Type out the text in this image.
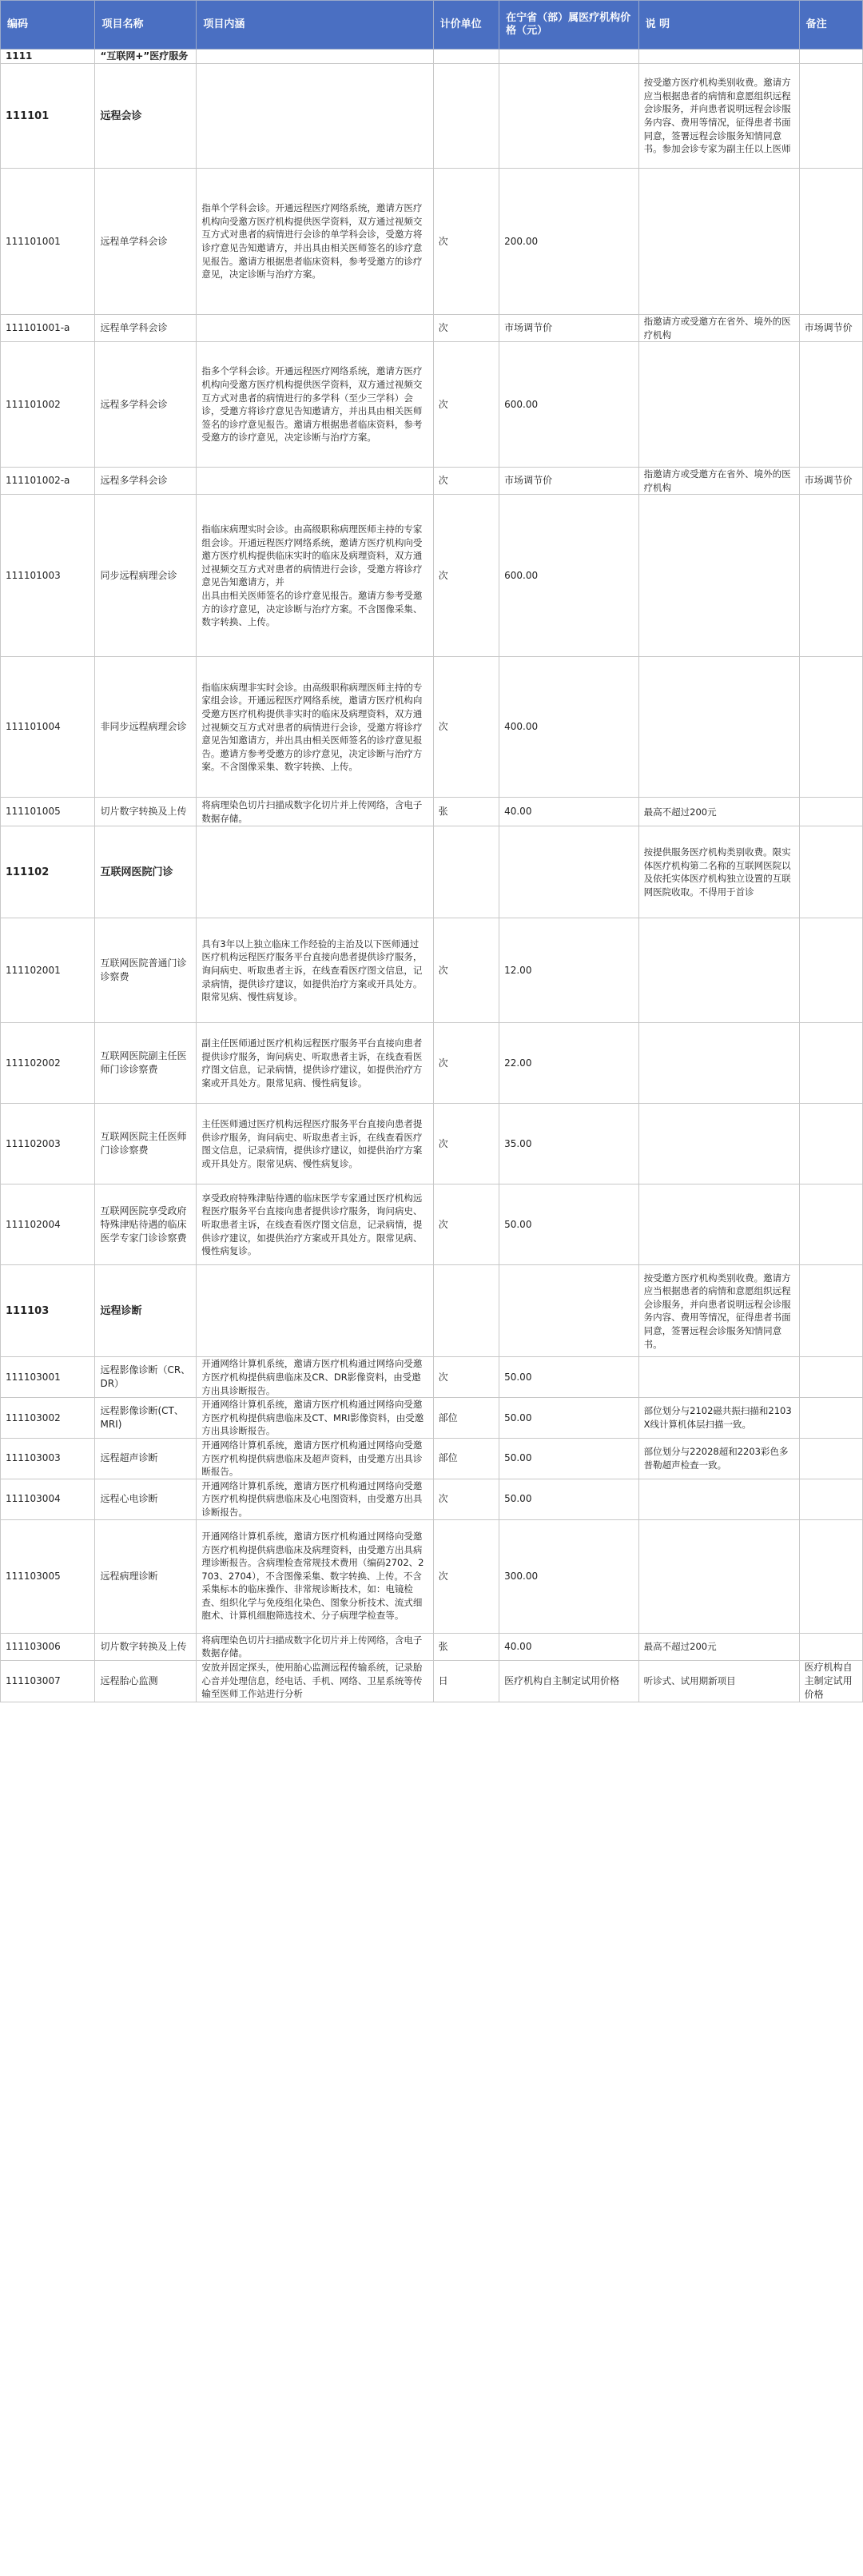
编码	项目名称	项目内涵	计价单位	在宁省（部）属医疗机构价格（元）	说 明	备注
1111	“互联网+”医疗服务					
111101	远程会诊				按受邀方医疗机构类别收费。邀请方应当根据患者的病情和意愿组织远程会诊服务，并向患者说明远程会诊服务内容、费用等情况，征得患者书面同意，签署远程会诊服务知情同意书。参加会诊专家为副主任以上医师	
111101001	远程单学科会诊	指单个学科会诊。开通远程医疗网络系统，邀请方医疗机构向受邀方医疗机构提供医学资料，双方通过视频交互方式对患者的病情进行会诊的单学科会诊，受邀方将诊疗意见告知邀请方，并出具由相关医师签名的诊疗意见报告。邀请方根据患者临床资料，参考受邀方的诊疗意见，决定诊断与治疗方案。	次	200.00		
111101001-a	远程单学科会诊		次	市场调节价	指邀请方或受邀方在省外、境外的医疗机构	市场调节价
111101002	远程多学科会诊	指多个学科会诊。开通远程医疗网络系统，邀请方医疗机构向受邀方医疗机构提供医学资料，双方通过视频交互方式对患者的病情进行的多学科（至少三学科）会诊，受邀方将诊疗意见告知邀请方，并出具由相关医师签名的诊疗意见报告。邀请方根据患者临床资料，参考受邀方的诊疗意见，决定诊断与治疗方案。	次	600.00		
111101002-a	远程多学科会诊		次	市场调节价	指邀请方或受邀方在省外、境外的医疗机构	市场调节价
111101003	同步远程病理会诊	指临床病理实时会诊。由高级职称病理医师主持的专家组会诊。开通远程医疗网络系统，邀请方医疗机构向受邀方医疗机构提供临床实时的临床及病理资料，双方通过视频交互方式对患者的病情进行会诊，受邀方将诊疗意见告知邀请方，并
出具由相关医师签名的诊疗意见报告。邀请方参考受邀方的诊疗意见，决定诊断与治疗方案。不含图像采集、数字转换、上传。	次	600.00		
111101004	非同步远程病理会诊	指临床病理非实时会诊。由高级职称病理医师主持的专家组会诊。开通远程医疗网络系统，邀请方医疗机构向受邀方医疗机构提供非实时的临床及病理资料，双方通过视频交互方式对患者的病情进行会诊，受邀方将诊疗意见告知邀请方，并出具由相关医师签名的诊疗意见报告。邀请方参考受邀方的诊疗意见，决定诊断与治疗方案。不含图像采集、数字转换、上传。	次	400.00		
111101005	切片数字转换及上传	将病理染色切片扫描成数字化切片并上传网络，含电子数据存储。	张	40.00	最高不超过200元	
111102	互联网医院门诊				按提供服务医疗机构类别收费。限实体医疗机构第二名称的互联网医院以及依托实体医疗机构独立设置的互联网医院收取。不得用于首诊	
111102001	互联网医院普通门诊诊察费	具有3年以上独立临床工作经验的主治及以下医师通过医疗机构远程医疗服务平台直接向患者提供诊疗服务，询问病史、听取患者主诉，在线查看医疗图文信息，记录病情，提供诊疗建议，如提供治疗方案或开具处方。限常见病、慢性病复诊。	次	12.00		
111102002	互联网医院副主任医师门诊诊察费	副主任医师通过医疗机构远程医疗服务平台直接向患者提供诊疗服务，询问病史、听取患者主诉，在线查看医疗图文信息，记录病情，提供诊疗建议，如提供治疗方案或开具处方。限常见病、慢性病复诊。	次	22.00		
111102003	互联网医院主任医师门诊诊察费	主任医师通过医疗机构远程医疗服务平台直接向患者提供诊疗服务，询问病史、听取患者主诉，在线查看医疗图文信息，记录病情，提供诊疗建议，如提供治疗方案或开具处方。限常见病、慢性病复诊。	次	35.00		
111102004	互联网医院享受政府特殊津贴待遇的临床医学专家门诊诊察费	享受政府特殊津贴待遇的临床医学专家通过医疗机构远程医疗服务平台直接向患者提供诊疗服务，询问病史、听取患者主诉，在线查看医疗图文信息，记录病情，提供诊疗建议，如提供治疗方案或开具处方。限常见病、慢性病复诊。	次	50.00		
111103	远程诊断				按受邀方医疗机构类别收费。邀请方应当根据患者的病情和意愿组织远程会诊服务，并向患者说明远程会诊服务内容、费用等情况，征得患者书面同意，签署远程会诊服务知情同意书。	
111103001	远程影像诊断（CR、DR）	开通网络计算机系统，邀请方医疗机构通过网络向受邀方医疗机构提供病患临床及CR、DR影像资料，由受邀方出具诊断报告。	次	50.00		
111103002	远程影像诊断(CT、MRI)	开通网络计算机系统，邀请方医疗机构通过网络向受邀方医疗机构提供病患临床及CT、MRI影像资料，由受邀方出具诊断报告。	部位	50.00	部位划分与2102磁共振扫描和2103X线计算机体层扫描一致。	
111103003	远程超声诊断	开通网络计算机系统，邀请方医疗机构通过网络向受邀方医疗机构提供病患临床及超声资料，由受邀方出具诊断报告。	部位	50.00	部位划分与22028超和2203彩色多普勒超声检查一致。	
111103004	远程心电诊断	开通网络计算机系统，邀请方医疗机构通过网络向受邀方医疗机构提供病患临床及心电图资料，由受邀方出具诊断报告。	次	50.00		
111103005	远程病理诊断	开通网络计算机系统，邀请方医疗机构通过网络向受邀方医疗机构提供病患临床及病理资料，由受邀方出具病理诊断报告。含病理检查常规技术费用（编码2702、2703、2704），不含图像采集、数字转换、上传。不含采集标本的临床操作、非常规诊断技术，如：电镜检查、组织化学与免疫组化染色、图象分析技术、流式细胞术、计算机细胞筛选技术、分子病理学检查等。	次	300.00		
111103006	切片数字转换及上传	将病理染色切片扫描成数字化切片并上传网络，含电子数据存储。	张	40.00	最高不超过200元	
111103007	远程胎心监测	安放并固定探头，使用胎心监测远程传输系统，记录胎心音并处理信息，经电话、手机、网络、卫星系统等传输至医师工作站进行分析	日	医疗机构自主制定试用价格	听诊式、试用期新项目	医疗机构自主制定试用价格
